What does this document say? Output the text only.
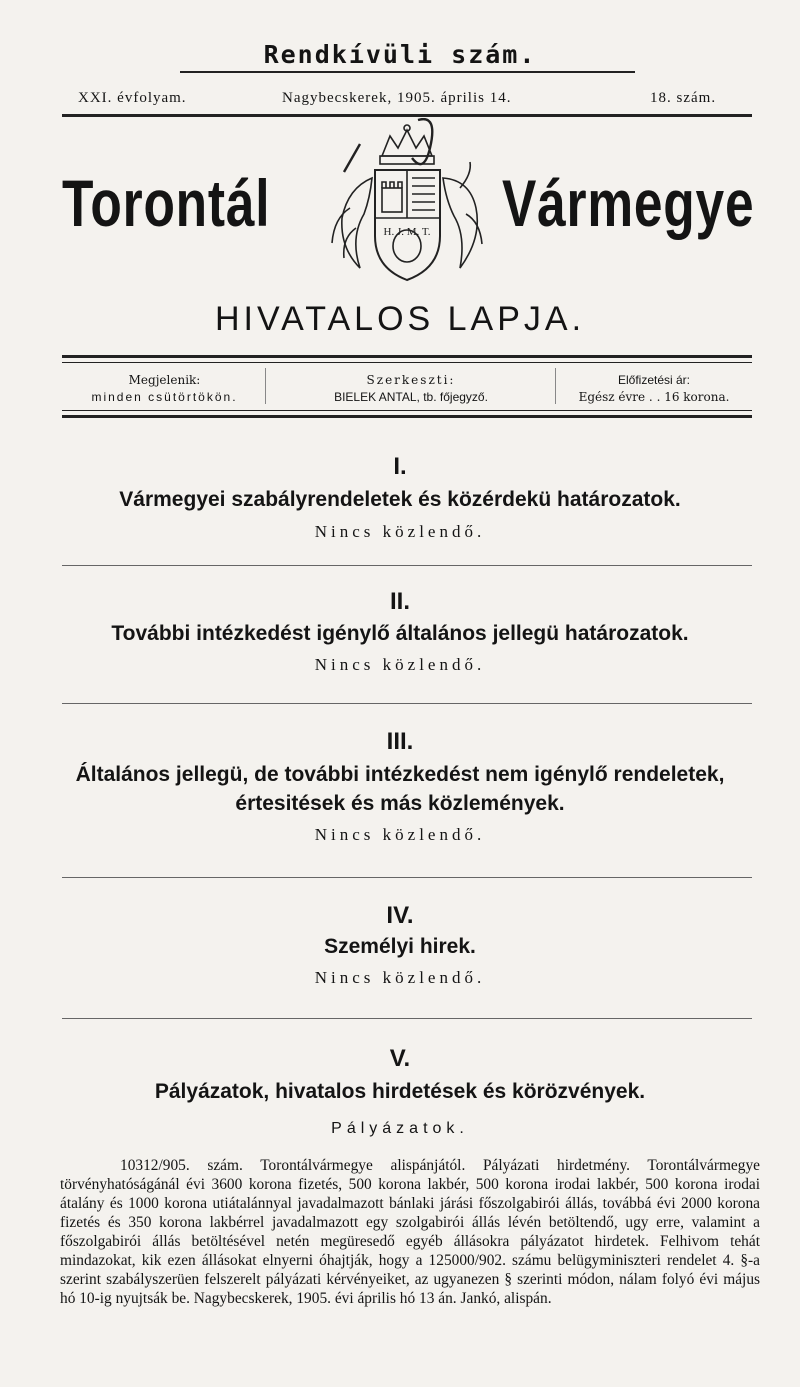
Rendkívüli szám.
XXI. évfolyam.	Nagybecskerek, 1905. április 14.	18. szám.
Torontál	Vármegye
H. J. M. T.
HIVATALOS LAPJA.
Megjelenik:
minden csütörtökön.
Szerkeszti:
BIELEK ANTAL, tb. főjegyző.
Előfizetési ár:
Egész évre . . 16 korona.
I.
Vármegyei szabályrendeletek és közérdekü határozatok.
Nincs közlendő.
II.
További intézkedést igénylő általános jellegü határozatok.
Nincs közlendő.
III.
Általános jellegü, de további intézkedést nem igénylő rendeletek,
értesitések és más közlemények.
Nincs közlendő.
IV.
Személyi hirek.
Nincs közlendő.
V.
Pályázatok, hivatalos hirdetések és körözvények.
Pályázatok.
10312/905. szám. Torontálvármegye alispánjától. Pályázati hirdetmény. Torontálvármegye törvényhatóságánál évi 3600 korona fizetés, 500 korona lakbér, 500 korona irodai lakbér, 500 korona irodai átalány és 1000 korona utiátalánnyal javadalmazott bánlaki járási főszolgabirói állás, továbbá évi 2000 korona fizetés és 350 korona lakbérrel javadalmazott egy szolgabirói állás lévén betöltendő, ugy erre, valamint a főszolgabirói állás betöltésével netén megüresedő egyéb állásokra pályázatot hirdetek. Felhivom tehát mindazokat, kik ezen állásokat elnyerni óhajtják, hogy a 125000/902. számu belügyminiszteri rendelet 4. §-a szerint szabályszerüen felszerelt pályázati kérvényeiket, az ugyanezen § szerinti módon, nálam folyó évi május hó 10-ig nyujtsák be. Nagybecskerek, 1905. évi április hó 13 án. Jankó, alispán.
